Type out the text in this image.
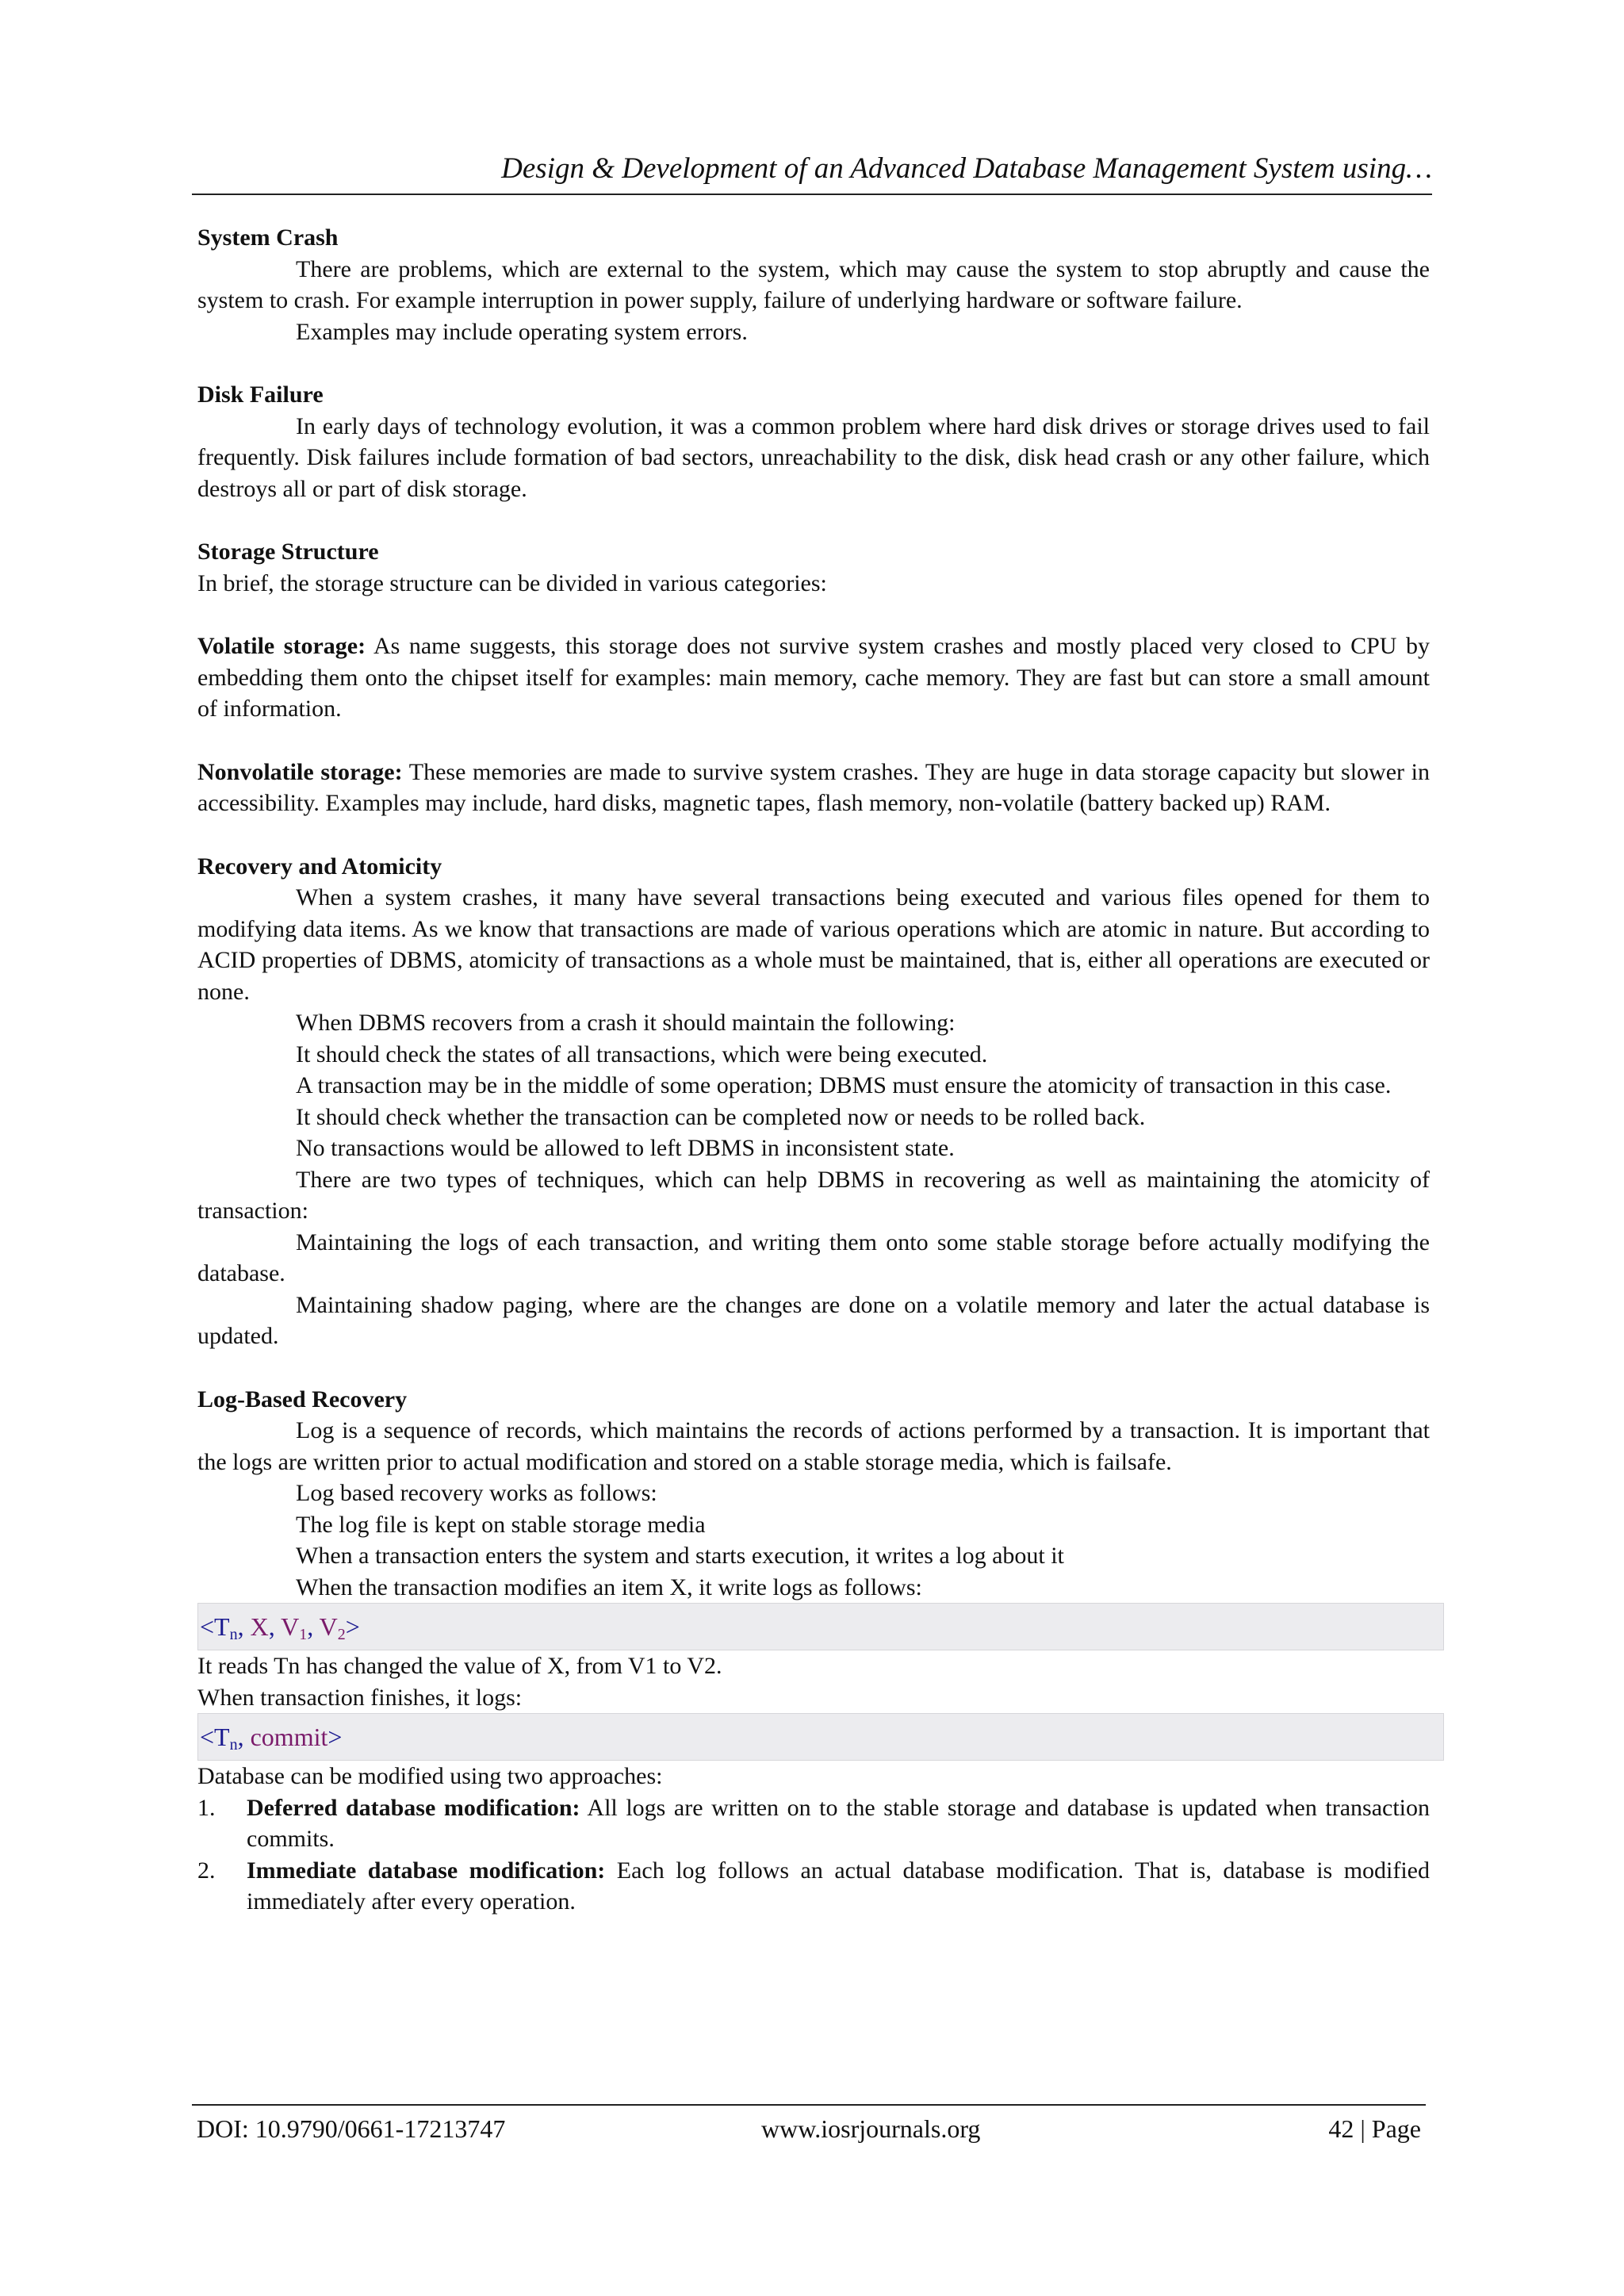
Design & Development of an Advanced Database Management System using…

System Crash

There are problems, which are external to the system, which may cause the system to stop abruptly and cause the system to crash. For example interruption in power supply, failure of underlying hardware or software failure.

Examples may include operating system errors.

Disk Failure

In early days of technology evolution, it was a common problem where hard disk drives or storage drives used to fail frequently. Disk failures include formation of bad sectors, unreachability to the disk, disk head crash or any other failure, which destroys all or part of disk storage.

Storage Structure

In brief, the storage structure can be divided in various categories:

Volatile storage: As name suggests, this storage does not survive system crashes and mostly placed very closed to CPU by embedding them onto the chipset itself for examples: main memory, cache memory. They are fast but can store a small amount of information.

Nonvolatile storage: These memories are made to survive system crashes. They are huge in data storage capacity but slower in accessibility. Examples may include, hard disks, magnetic tapes, flash memory, non-volatile (battery backed up) RAM.

Recovery and Atomicity

When a system crashes, it many have several transactions being executed and various files opened for them to modifying data items. As we know that transactions are made of various operations which are atomic in nature. But according to ACID properties of DBMS, atomicity of transactions as a whole must be maintained, that is, either all operations are executed or none.

When DBMS recovers from a crash it should maintain the following:

It should check the states of all transactions, which were being executed.

A transaction may be in the middle of some operation; DBMS must ensure the atomicity of transaction in this case.

It should check whether the transaction can be completed now or needs to be rolled back.

No transactions would be allowed to left DBMS in inconsistent state.

There are two types of techniques, which can help DBMS in recovering as well as maintaining the atomicity of transaction:

Maintaining the logs of each transaction, and writing them onto some stable storage before actually modifying the database.

Maintaining shadow paging, where are the changes are done on a volatile memory and later the actual database is updated.

Log-Based Recovery

Log is a sequence of records, which maintains the records of actions performed by a transaction. It is important that the logs are written prior to actual modification and stored on a stable storage media, which is failsafe.

Log based recovery works as follows:

The log file is kept on stable storage media

When a transaction enters the system and starts execution, it writes a log about it

When the transaction modifies an item X, it write logs as follows:

$<T_n$, X, $V_1$, $V_2>$

It reads Tn has changed the value of X, from V1 to V2.

When transaction finishes, it logs:

$<T_n$, commit>

Database can be modified using two approaches:

1. Deferred database modification: All logs are written on to the stable storage and database is updated when transaction commits.
2. Immediate database modification: Each log follows an actual database modification. That is, database is modified immediately after every operation.
DOI: 10.9790/0661-17213747	www.iosrjournals.org	42 | Page
